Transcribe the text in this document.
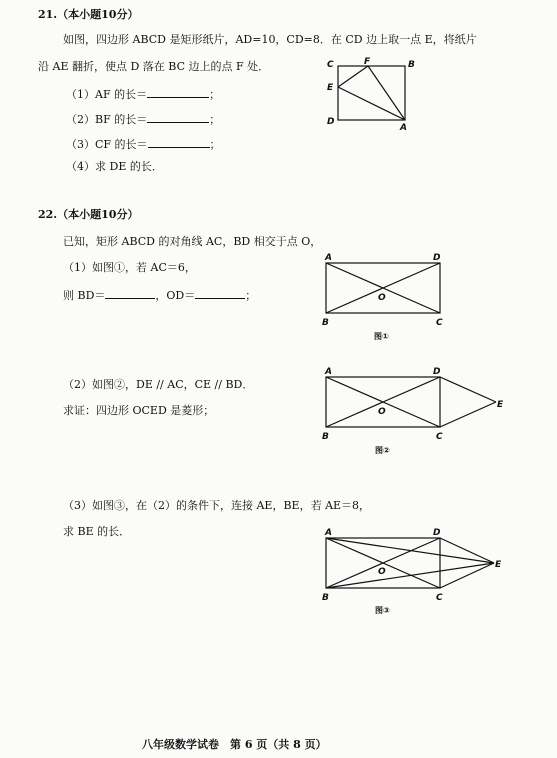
21.（本小题10分）
如图，四边形 ABCD 是矩形纸片，AD=10，CD=8．在 CD 边上取一点 E，将纸片
沿 AE 翻折，使点 D 落在 BC 边上的点 F 处．
（1）AF 的长＝	；
（2）BF 的长＝	；
（3）CF 的长＝	；
（4）求 DE 的长．
C	F	B
E
D
A
22.（本小题10分）
已知，矩形 ABCD 的对角线 AC，BD 相交于点 O，
（1）如图①，若 AC＝6，
则 BD＝	，OD＝	；
（2）如图②，DE // AC，CE // BD．
求证：四边形 OCED 是菱形；
（3）如图③，在（2）的条件下，连接 AE，BE，若 AE＝8，
求 BE 的长．
A	D
O
B	C
图①
A	D
O
B	C
E
图②
A	D
O
B	C
E
图③
八年级数学试卷　第 6 页（共 8 页）
